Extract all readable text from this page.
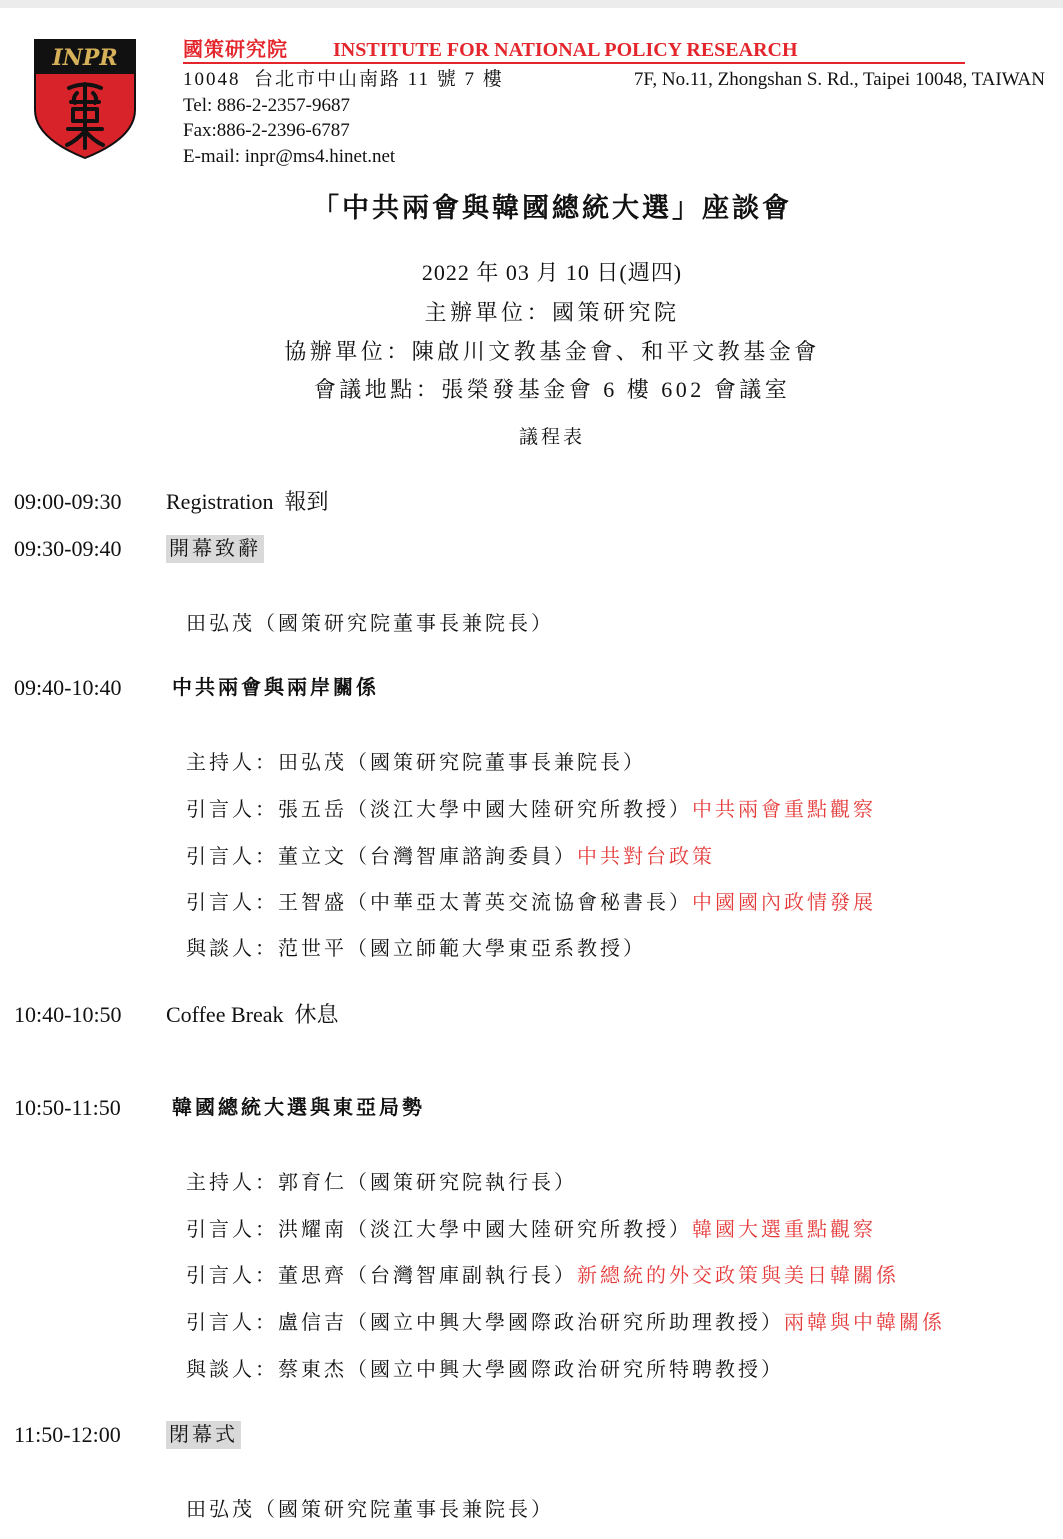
INPR	國策研究院 INSTITUTE FOR NATIONAL POLICY RESEARCH
10048  台北市中山南路 11 號 7 樓	7F, No.11, Zhongshan S. Rd., Taipei 10048, TAIWAN
Tel: 886-2-2357-9687
Fax:886-2-2396-6787
E-mail: inpr@ms4.hinet.net
「中共兩會與韓國總統大選」座談會
2022 年 03 月 10 日(週四)
主辦單位：國策研究院
協辦單位：陳啟川文教基金會、和平文教基金會
會議地點：張榮發基金會 6 樓 602 會議室
議程表
09:00-09:30 Registration  報到
09:30-09:40 開幕致辭

田弘茂（國策研究院董事長兼院長）

09:40-10:40	中共兩會與兩岸關係

主持人：田弘茂（國策研究院董事長兼院長）

引言人：張五岳（淡江大學中國大陸研究所教授）中共兩會重點觀察

引言人：董立文（台灣智庫諮詢委員）中共對台政策

引言人：王智盛（中華亞太菁英交流協會秘書長）中國國內政情發展

與談人：范世平（國立師範大學東亞系教授）

10:40-10:50 Coffee Break  休息
10:50-11:50	韓國總統大選與東亞局勢

主持人：郭育仁（國策研究院執行長）

引言人：洪耀南（淡江大學中國大陸研究所教授）韓國大選重點觀察

引言人：董思齊（台灣智庫副執行長）新總統的外交政策與美日韓關係

引言人：盧信吉（國立中興大學國際政治研究所助理教授）兩韓與中韓關係

與談人：蔡東杰（國立中興大學國際政治研究所特聘教授）

11:50-12:00 閉幕式

田弘茂（國策研究院董事長兼院長）
